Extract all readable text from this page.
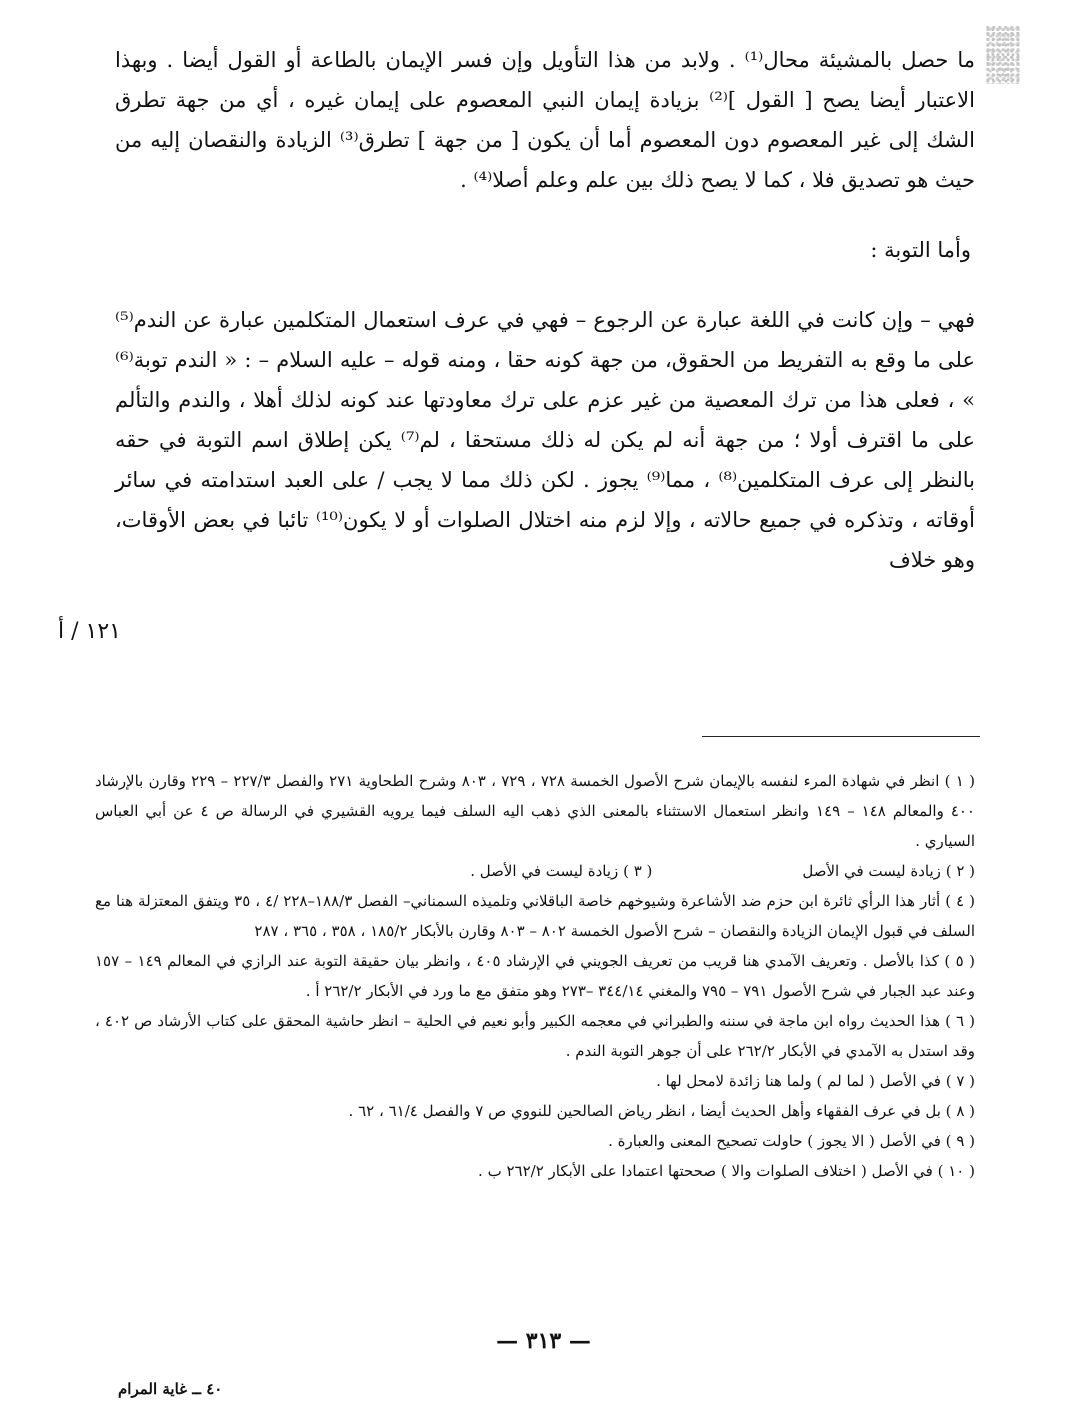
ما حصل بالمشيئة محال⁽¹⁾ . ولابد من هذا التأويل وإن فسر الإيمان بالطاعة أو القول أيضا . وبهذا الاعتبار أيضا يصح [ القول ]⁽²⁾ بزيادة إيمان النبي المعصوم على إيمان غيره ، أي من جهة تطرق الشك إلى غير المعصوم دون المعصوم أما أن يكون [ من جهة ] تطرق⁽³⁾ الزيادة والنقصان إليه من حيث هو تصديق فلا ، كما لا يصح ذلك بين علم وعلم أصلا⁽⁴⁾ .

وأما التوبة :

فهي – وإن كانت في اللغة عبارة عن الرجوع – فهي في عرف استعمال المتكلمين عبارة عن الندم⁽⁵⁾ على ما وقع به التفريط من الحقوق، من جهة كونه حقا ، ومنه قوله – عليه السلام – : « الندم توبة⁽⁶⁾ » ، فعلى هذا من ترك المعصية من غير عزم على ترك معاودتها عند كونه لذلك أهلا ، والندم والتألم على ما اقترف أولا ؛ من جهة أنه لم يكن له ذلك مستحقا ، لم⁽⁷⁾ يكن إطلاق اسم التوبة في حقه بالنظر إلى عرف المتكلمين⁽⁸⁾ ، مما⁽⁹⁾ يجوز . لكن ذلك مما لا يجب / على العبد استدامته في سائر أوقاته ، وتذكره في جميع حالاته ، وإلا لزم منه اختلال الصلوات أو لا يكون⁽¹⁰⁾ تائبا في بعض الأوقات، وهو خلاف

١٢١ / أ

( ١ ) انظر في شهادة المرء لنفسه بالإيمان شرح الأصول الخمسة ٧٢٨ ، ٧٢٩ ، ٨٠٣ وشرح الطحاوية ٢٧١ والفصل ٢٢٧/٣ – ٢٢٩ وقارن بالإرشاد ٤٠٠ والمعالم ١٤٨ – ١٤٩ وانظر استعمال الاستثناء بالمعنى الذي ذهب اليه السلف فيما يرويه القشيري في الرسالة ص ٤ عن أبي العباس السياري .

( ٢ ) زيادة ليست في الأصل
( ٣ ) زيادة ليست في الأصل .

( ٤ ) أثار هذا الرأي ثائرة ابن حزم ضد الأشاعرة وشيوخهم خاصة الباقلاني وتلميذه السمناني– الفصل ١٨٨/٣–٢٢٨ /٤ ، ٣٥ ويتفق المعتزلة هنا مع السلف في قبول الإيمان الزيادة والنقصان – شرح الأصول الخمسة ٨٠٢ – ٨٠٣ وقارن بالأبكار ١٨٥/٢ ، ٣٥٨ ، ٣٦٥ ، ٢٨٧

( ٥ ) كذا بالأصل . وتعريف الآمدي هنا قريب من تعريف الجويني في الإرشاد ٤٠٥ ، وانظر بيان حقيقة التوبة عند الرازي في المعالم ١٤٩ – ١٥٧ وعند عبد الجبار في شرح الأصول ٧٩١ – ٧٩٥ والمغني ٣٤٤/١٤ –٢٧٣ وهو متفق مع ما ورد في الأبكار ٢٦٢/٢ أ .

( ٦ ) هذا الحديث رواه ابن ماجة في سننه والطبراني في معجمه الكبير وأبو نعيم في الحلية – انظر حاشية المحقق على كتاب الأرشاد ص ٤٠٢ ، وقد استدل به الآمدي في الأبكار ٢٦٢/٢ على أن جوهر التوبة الندم .

( ٧ ) في الأصل ( لما لم ) ولما هنا زائدة لامحل لها .

( ٨ ) بل في عرف الفقهاء وأهل الحديث أيضا ، انظر رياض الصالحين للنووي ص ٧ والفصل ٦١/٤ ، ٦٢ .

( ٩ ) في الأصل ( الا يجوز ) حاولت تصحيح المعنى والعبارة .

( ١٠ ) في الأصل ( اختلاف الصلوات والا ) صححتها اعتمادا على الأبكار ٢٦٢/٢ ب .

— ٣١٣ —
٤٠ ــ غاية المرام
